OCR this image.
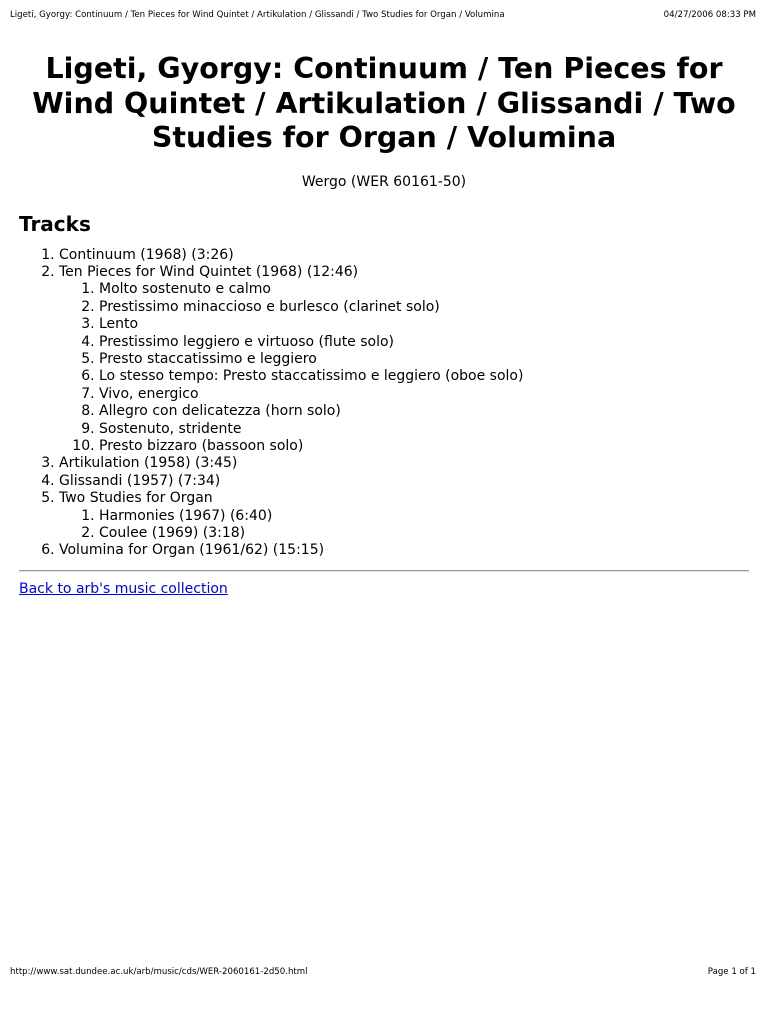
Ligeti, Gyorgy: Continuum / Ten Pieces for Wind Quintet / Artikulation / Glissandi / Two Studies for Organ / Volumina	04/27/2006 08:33 PM
Ligeti, Gyorgy: Continuum / Ten Pieces for Wind Quintet / Artikulation / Glissandi / Two Studies for Organ / Volumina
Wergo (WER 60161-50)
Tracks
1. Continuum (1968) (3:26)
2. Ten Pieces for Wind Quintet (1968) (12:46)
1. Molto sostenuto e calmo
2. Prestissimo minaccioso e burlesco (clarinet solo)
3. Lento
4. Prestissimo leggiero e virtuoso (flute solo)
5. Presto staccatissimo e leggiero
6. Lo stesso tempo: Presto staccatissimo e leggiero (oboe solo)
7. Vivo, energico
8. Allegro con delicatezza (horn solo)
9. Sostenuto, stridente
10. Presto bizzaro (bassoon solo)
3. Artikulation (1958) (3:45)
4. Glissandi (1957) (7:34)
5. Two Studies for Organ
1. Harmonies (1967) (6:40)
2. Coulee (1969) (3:18)
6. Volumina for Organ (1961/62) (15:15)
Back to arb's music collection
http://www.sat.dundee.ac.uk/arb/music/cds/WER-2060161-2d50.html	Page 1 of 1
